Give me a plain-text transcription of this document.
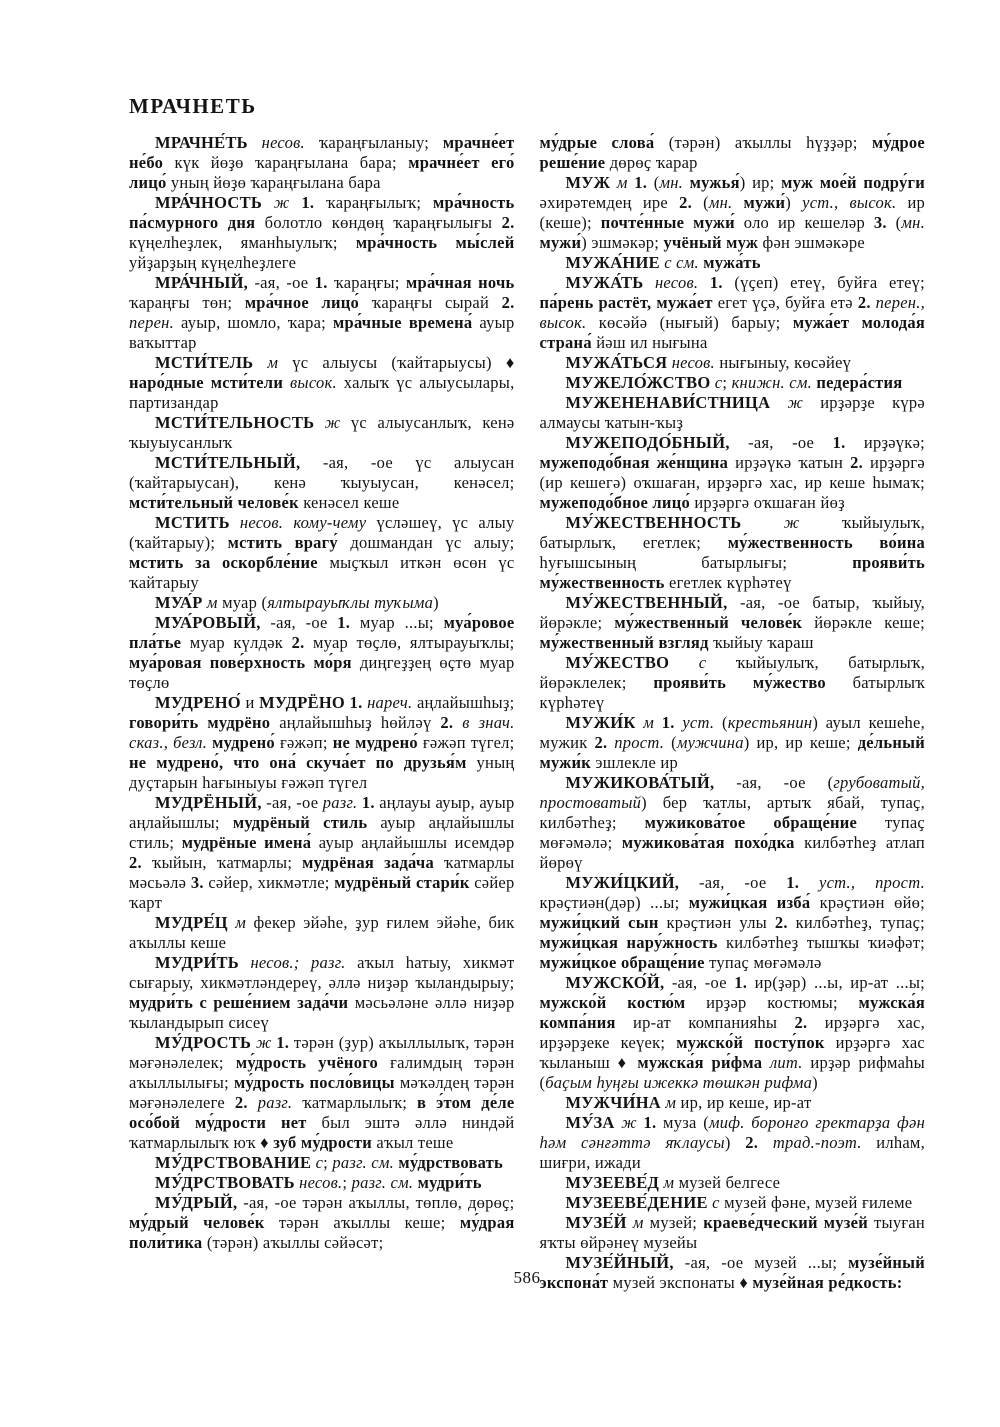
МРАЧНЕТЬ

МРАЧНЕ́ТЬ несов. ҡараңғыланыу; мрачне́ет не́бо күк йөҙө ҡараңғылана бара; мрачне́ет его́ лицо́ уның йөҙө ҡараңғылана бара

МРА́ЧНОСТЬ ж 1. ҡараңғылыҡ; мра́чность па́смурного дня болотло көндөң ҡараңғылығы 2. күңелһеҙлек, яманһыулыҡ; мра́чность мы́слей уйҙарҙың күңелһеҙлеге

МРА́ЧНЫЙ, -ая, -ое 1. ҡараңғы; мра́чная ночь ҡараңғы төн; мра́чное лицо́ ҡараңғы сырай 2. перен. ауыр, шомло, ҡара; мра́чные времена́ ауыр ваҡыттар

МСТИ́ТЕЛЬ м үс алыусы (ҡайтарыусы) ♦ наро́дные мсти́тели высок. халыҡ үс алыусылары, партизандар

МСТИ́ТЕЛЬНОСТЬ ж үс алыусанлыҡ, кенә ҡыуыусанлыҡ

МСТИ́ТЕЛЬНЫЙ, -ая, -ое үс алыусан (ҡайтарыусан), кенә ҡыуыусан, кенәсел; мсти́тельный челове́к кенәсел кеше

МСТИТЬ несов. кому-чему үсләшеү, үс алыу (ҡайтарыу); мстить врагу́ дошмандан үс алыу; мстить за оскорбле́ние мыҫҡыл иткән өсөн үс ҡайтарыу

МУА́Р м муар (ялтырауыҡлы туҡыма)

МУА́РОВЫЙ, -ая, -ое 1. муар ...ы; муа́ровое пла́тье муар күлдәк 2. муар төҫлө, ялтырауыҡлы; муа́ровая пове́рхность мо́ря диңгеҙҙең өҫтө муар төҫлө

МУДРЕНО́ и МУДРЁНО 1. нареч. аңлайышһыҙ; говори́ть мудрёно аңлайышһыҙ һөйләү 2. в знач. сказ., безл. мудрено́ ғәжәп; не мудрено́ ғәжәп түгел; не мудрено́, что она́ скуча́ет по друзья́м уның дуҫтарын һағыныуы ғәжәп түгел

МУДРЁНЫЙ, -ая, -ое разг. 1. аңлауы ауыр, ауыр аңлайышлы; мудрёный стиль ауыр аңлайышлы стиль; мудрёные имена́ ауыр аңлайышлы исемдәр 2. ҡыйын, ҡатмарлы; мудрёная зада́ча ҡатмарлы мәсьәлә 3. сәйер, хикмәтле; мудрёный стари́к сәйер ҡарт

МУДРЕ́Ц м фекер эйәһе, ҙур ғилем эйәһе, бик аҡыллы кеше

МУДРИ́ТЬ несов.; разг. аҡыл һатыу, хикмәт сығарыу, хикмәтләндереү, әллә ниҙәр ҡыландырыу; мудри́ть с реше́нием зада́чи мәсьәләне әллә ниҙәр ҡыландырып сисеү

МУ́ДРОСТЬ ж 1. тәрән (ҙур) аҡыллылыҡ, тәрән мәғәнәлелек; му́дрость учёного ғалимдың тәрән аҡыллылығы; му́дрость посло́вицы мәҡәлдең тәрән мәғәнәлелеге 2. разг. ҡатмарлылыҡ; в э́том де́ле осо́бой му́дрости нет был эштә әллә ниндәй ҡатмарлылыҡ юҡ ♦ зуб му́дрости аҡыл теше

МУ́ДРСТВОВАНИЕ с; разг. см. му́дрствовать

МУ́ДРСТВОВАТЬ несов.; разг. см. мудри́ть

МУ́ДРЫЙ, -ая, -ое тәрән аҡыллы, төплө, дөрөҫ; му́дрый челове́к тәрән аҡыллы кеше; му́драя поли́тика (тәрән) аҡыллы сәйәсәт;

му́дрые слова́ (тәрән) аҡыллы һүҙҙәр; му́дрое реше́ние дөрөҫ ҡарар

МУЖ м 1. (мн. мужья́) ир; муж мое́й подру́ги әхирәтемдең ире 2. (мн. мужи́) уст., высок. ир (кеше); почте́нные мужи́ оло ир кешеләр 3. (мн. мужи́) эшмәкәр; учёный муж фән эшмәкәре

МУЖА́НИЕ с см. мужа́ть

МУЖА́ТЬ несов. 1. (үҫеп) етеү, буйға етеү; па́рень растёт, мужа́ет егет үҫә, буйға етә 2. перен., высок. көсәйә (нығый) барыу; мужа́ет молода́я страна́ йәш ил нығына

МУЖА́ТЬСЯ несов. нығыныу, көсәйеү

МУЖЕЛО́ЖСТВО с; книжн. см. педера́стия

МУЖЕНЕНАВИ́СТНИЦА ж ирҙәрҙе күрә алмаусы ҡатын-ҡыҙ

МУЖЕПОДО́БНЫЙ, -ая, -ое 1. ирҙәүкә; мужеподо́бная же́нщина ирҙәүкә ҡатын 2. ирҙәргә (ир кешегә) оҡшаған, ирҙәргә хас, ир кеше һымаҡ; мужеподо́бное лицо́ ирҙәргә оҡшаған йөҙ

МУ́ЖЕСТВЕННОСТЬ ж ҡыйыулыҡ, батырлыҡ, егетлек; му́жественность во́ина һуғышсының батырлығы; прояви́ть му́жественность егетлек күрһәтеү

МУ́ЖЕСТВЕННЫЙ, -ая, -ое батыр, ҡыйыу, йөрәкле; му́жественный челове́к йөрәкле кеше; му́жественный взгляд ҡыйыу ҡараш

МУ́ЖЕСТВО с ҡыйыулыҡ, батырлыҡ, йөрәклелек; прояви́ть му́жество батырлыҡ күрһәтеү

МУЖИ́К м 1. уст. (крестьянин) ауыл кешеһе, мужик 2. прост. (мужчина) ир, ир кеше; де́льный мужи́к эшлекле ир

МУЖИКОВА́ТЫЙ, -ая, -ое (грубоватый, простоватый) бер ҡатлы, артыҡ ябай, тупаҫ, килбәтһеҙ; мужикова́тое обраще́ние тупаҫ мөғәмәлә; мужикова́тая похо́дка килбәтһеҙ атлап йөрөү

МУЖИ́ЦКИЙ, -ая, -ое 1. уст., прост. крәҫтиән(дәр) ...ы; мужи́цкая изба́ крәҫтиән өйө; мужи́цкий сын крәҫтиән улы 2. килбәтһеҙ, тупаҫ; мужи́цкая нару́жность килбәтһеҙ тышҡы ҡиәфәт; мужи́цкое обраще́ние тупаҫ мөғәмәлә

МУЖСКО́Й, -ая, -ое 1. ир(ҙәр) ...ы, ир-ат ...ы; мужско́й костю́м ирҙәр костюмы; мужска́я компа́ния ир-ат компанияһы 2. ирҙәргә хас, ирҙәрҙеке кеүек; мужско́й посту́пок ирҙәргә хас ҡыланыш ♦ мужска́я ри́фма лит. ирҙәр рифмаһы (баҫым һуңғы ижеккә төшкән рифма)

МУЖЧИ́НА м ир, ир кеше, ир-ат

МУ́ЗА ж 1. муза (миф. боронғо гректарҙа фән һәм сәнғәттә яҡлаусы) 2. трад.-поэт. илһам, шиғри, ижади

МУЗЕЕВЕ́Д м музей белгесе

МУЗЕЕВЕ́ДЕНИЕ с музей фәне, музей ғилеме

МУЗЕ́Й м музей; краеве́дческий музе́й тыуған яҡты өйрәнеү музейы

МУЗЕ́ЙНЫЙ, -ая, -ое музей ...ы; музе́йный экспона́т музей экспонаты ♦ музе́йная ре́дкость:

586
